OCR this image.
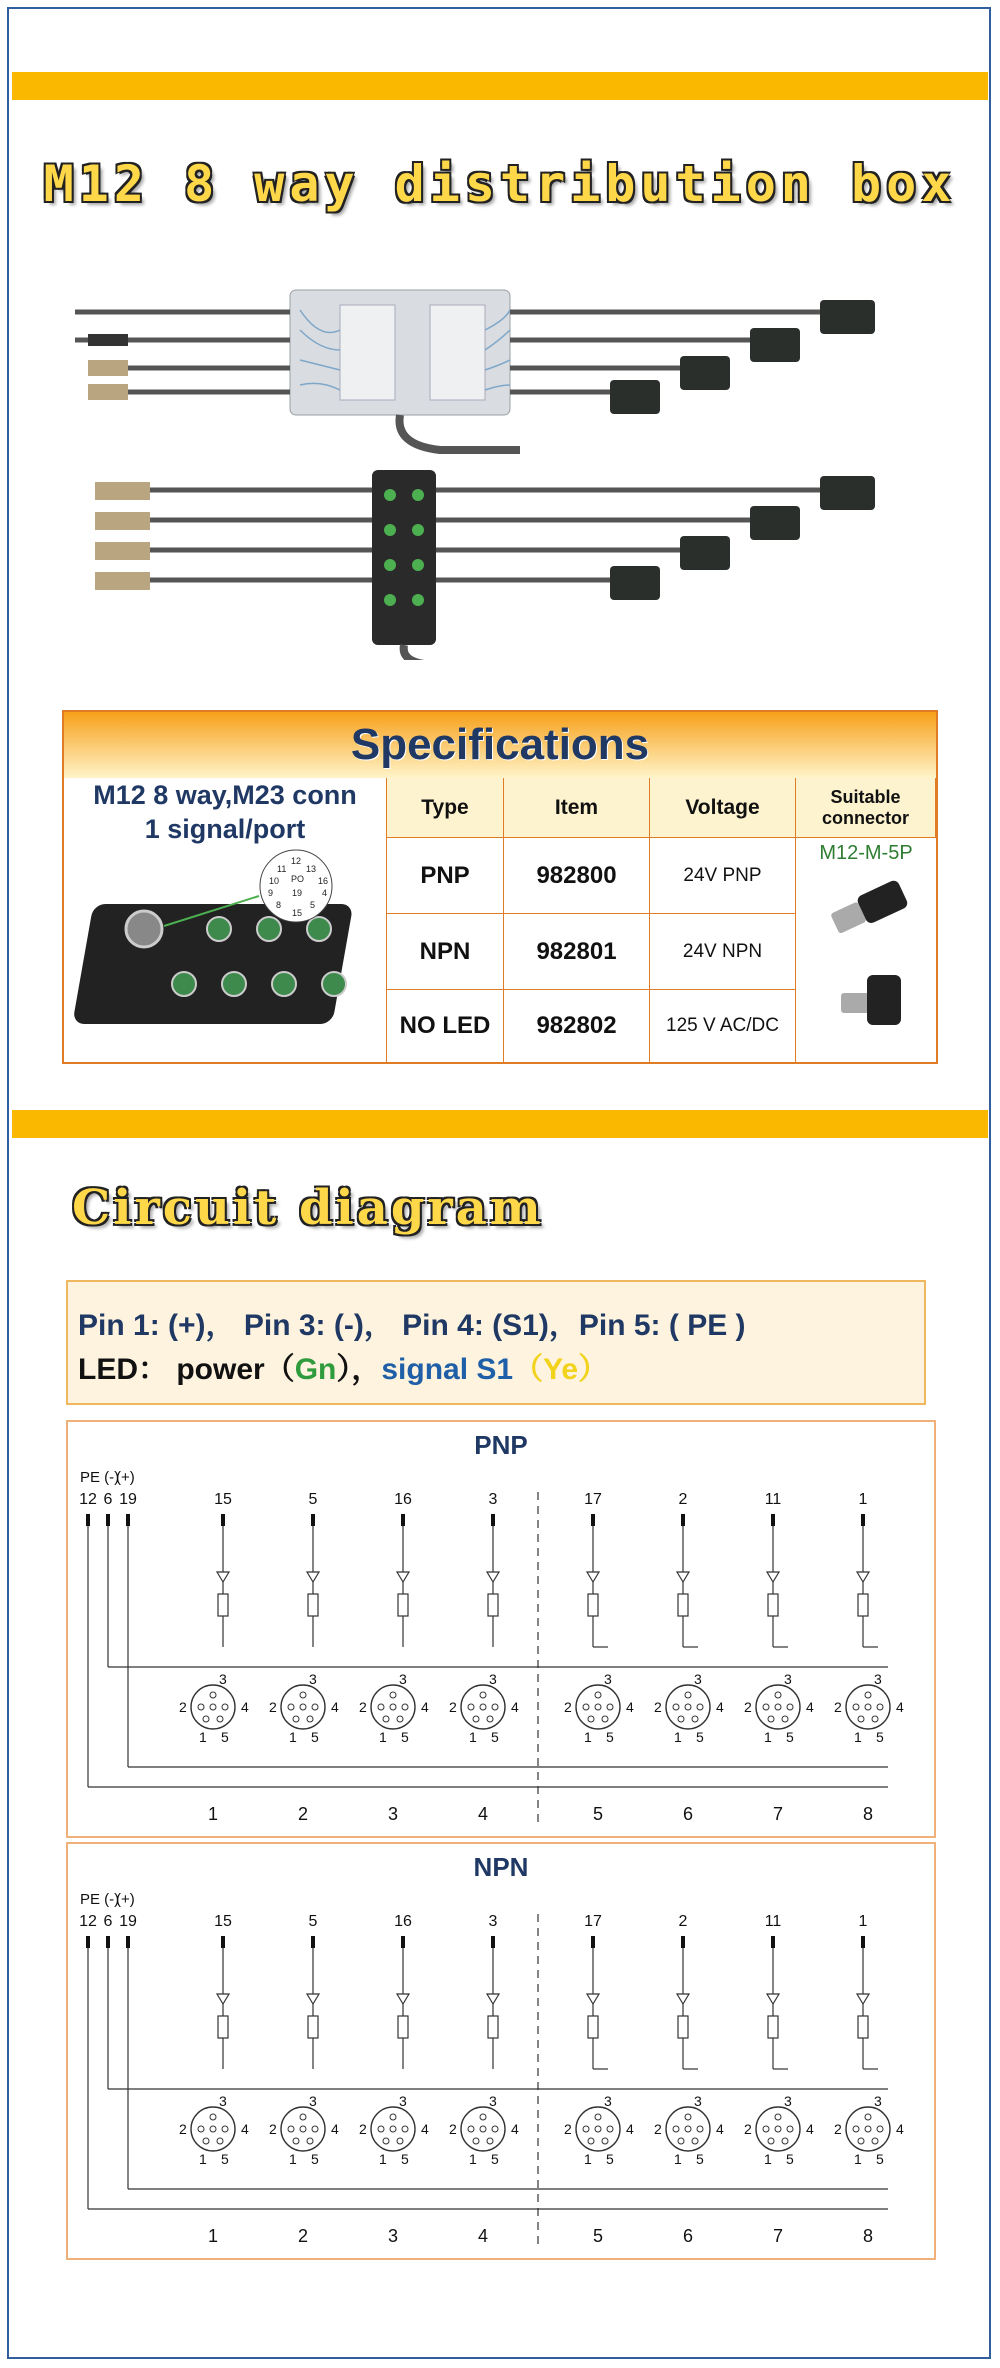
M12 8 way distribution box
Specifications
M12 8 way,M23 conn
1 signal/port
12
11 13
10 PO 16
9 19 4
8
15
5
Type	Item	Voltage	Suitable connector
PNP	982800	24V PNP
NPN	982801	24V NPN
NO LED	982802	125 V AC/DC
M12-M-5P
Circuit diagram
Pin 1: (+)， Pin 3: (-)， Pin 4: (S1)，Pin 5: ( PE )
LED： power（Gn），signal S1（Ye）
PNP
PE (-)
(+)
12 6 19	15	5	16	3	17	2	11	1
3
2	4
1 5
1
3
2	4
1 5
2
3
2	4
1 5
3
3
2	4
1 5
4
3
2	4
1 5
5
3
2	4
1 5
6
3
2	4
1 5
7
3
2	4
1 5
8
NPN
PE (-)
(+)
12 6 19	15	5	16	3	17	2	11	1
3
2	4
1 5
1
3
2	4
1 5
2
3
2	4
1 5
3
3
2	4
1 5
4
3
2	4
1 5
5
3
2	4
1 5
6
3
2	4
1 5
7
3
2	4
1 5
8
